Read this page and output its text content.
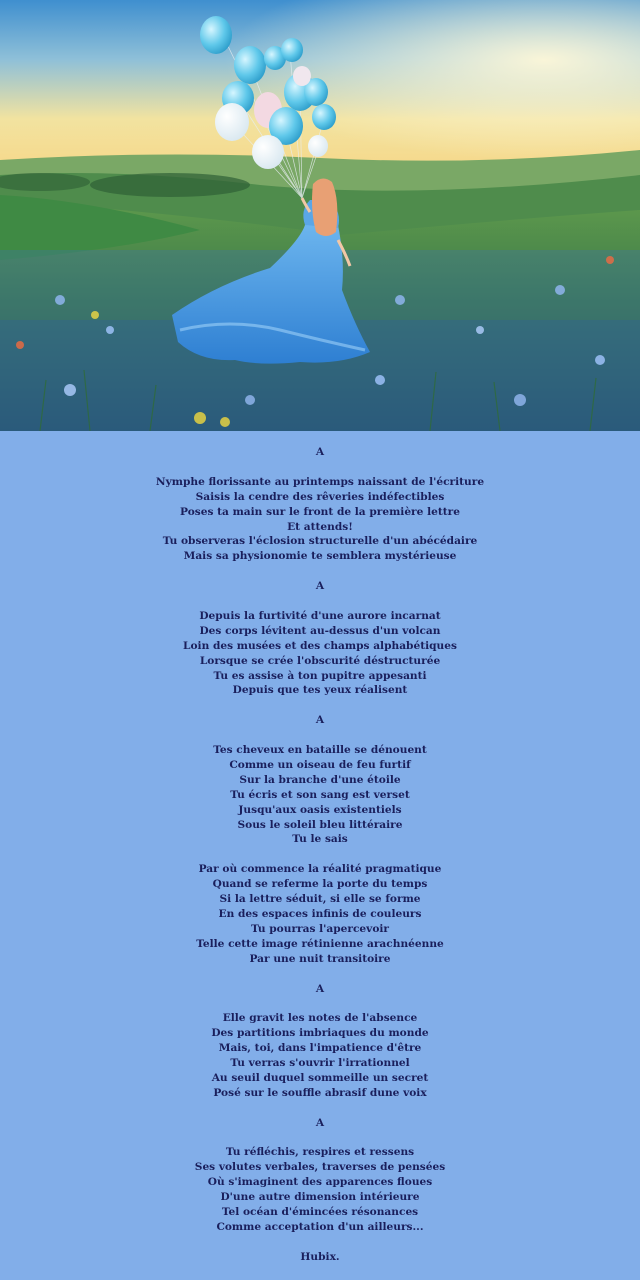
A
Nymphe florissante au printemps naissant de l'écriture
Saisis la cendre des rêveries indéfectibles
Poses ta main sur le front de la première lettre
Et attends!
Tu observeras l'éclosion structurelle d'un abécédaire
Mais sa physionomie te semblera mystérieuse
A
Depuis la furtivité d'une aurore incarnat
Des corps lévitent au-dessus d'un volcan
Loin des musées et des champs alphabétiques
Lorsque se crée l'obscurité déstructurée
Tu es assise à ton pupitre appesanti
Depuis que tes yeux réalisent
A
Tes cheveux en bataille se dénouent
Comme un oiseau de feu furtif
Sur la branche d'une étoile
Tu écris et son sang est verset
Jusqu'aux oasis existentiels
Sous le soleil bleu littéraire
Tu le sais
Par où commence la réalité pragmatique
Quand se referme la porte du temps
Si la lettre séduit, si elle se forme
En des espaces infinis de couleurs
Tu pourras l'apercevoir
Telle cette image rétinienne arachnéenne
Par une nuit transitoire
A
Elle gravit les notes de l'absence
Des partitions imbriaques du monde
Mais, toi, dans l'impatience d'être
Tu verras s'ouvrir l'irrationnel
Au seuil duquel sommeille un secret
Posé sur le souffle abrasif dune voix
A
Tu réfléchis, respires et ressens
Ses volutes verbales, traverses de pensées
Où s'imaginent des apparences floues
D'une autre dimension intérieure
Tel océan d'émincées résonances
Comme acceptation d'un ailleurs...
Hubix.
